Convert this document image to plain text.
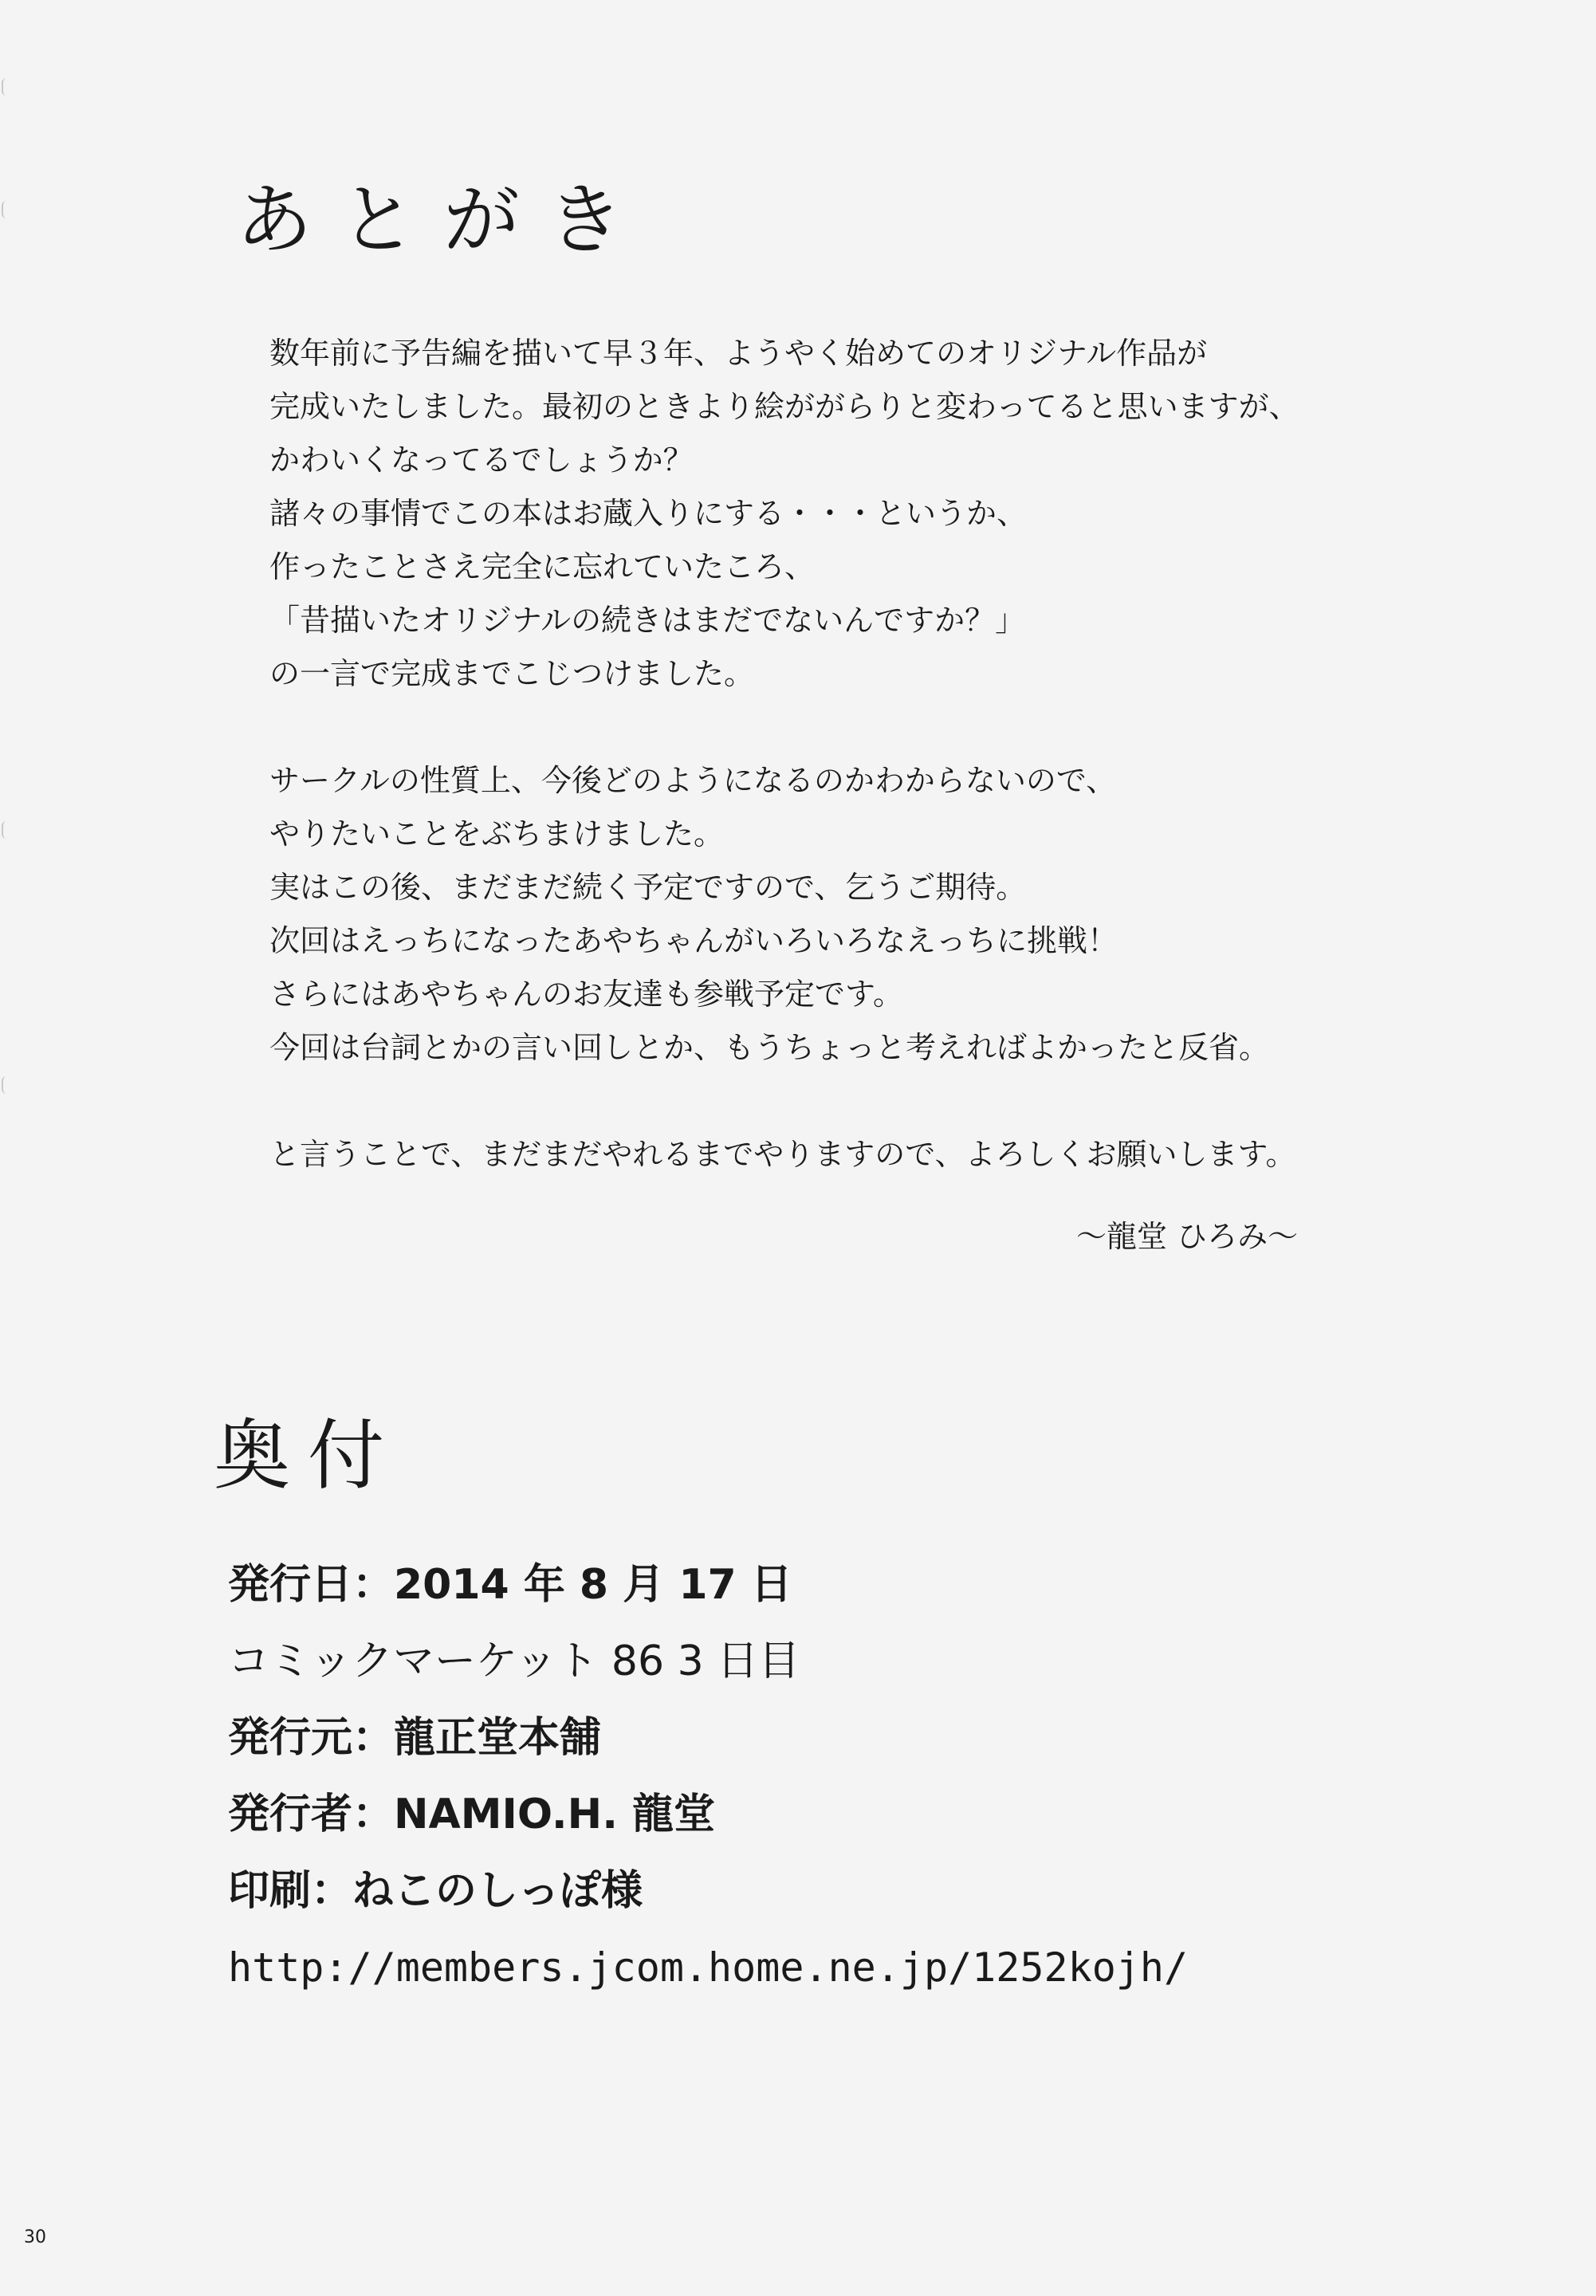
あとがき
数年前に予告編を描いて早３年、ようやく始めてのオリジナル作品が
完成いたしました。最初のときより絵ががらりと変わってると思いますが、
かわいくなってるでしょうか？
諸々の事情でこの本はお蔵入りにする・・・というか、
作ったことさえ完全に忘れていたころ、
「昔描いたオリジナルの続きはまだでないんですか？」
の一言で完成までこじつけました。
サークルの性質上、今後どのようになるのかわからないので、
やりたいことをぶちまけました。
実はこの後、まだまだ続く予定ですので、乞うご期待。
次回はえっちになったあやちゃんがいろいろなえっちに挑戦！
さらにはあやちゃんのお友達も参戦予定です。
今回は台詞とかの言い回しとか、もうちょっと考えればよかったと反省。
と言うことで、まだまだやれるまでやりますので、よろしくお願いします。
～龍堂 ひろみ～
奥付
発行日：2014 年 8 月 17 日
コミックマーケット 86 3 日目
発行元：龍正堂本舗
発行者：NAMIO.H. 龍堂
印刷：ねこのしっぽ様
http://members.jcom.home.ne.jp/1252kojh/
30
